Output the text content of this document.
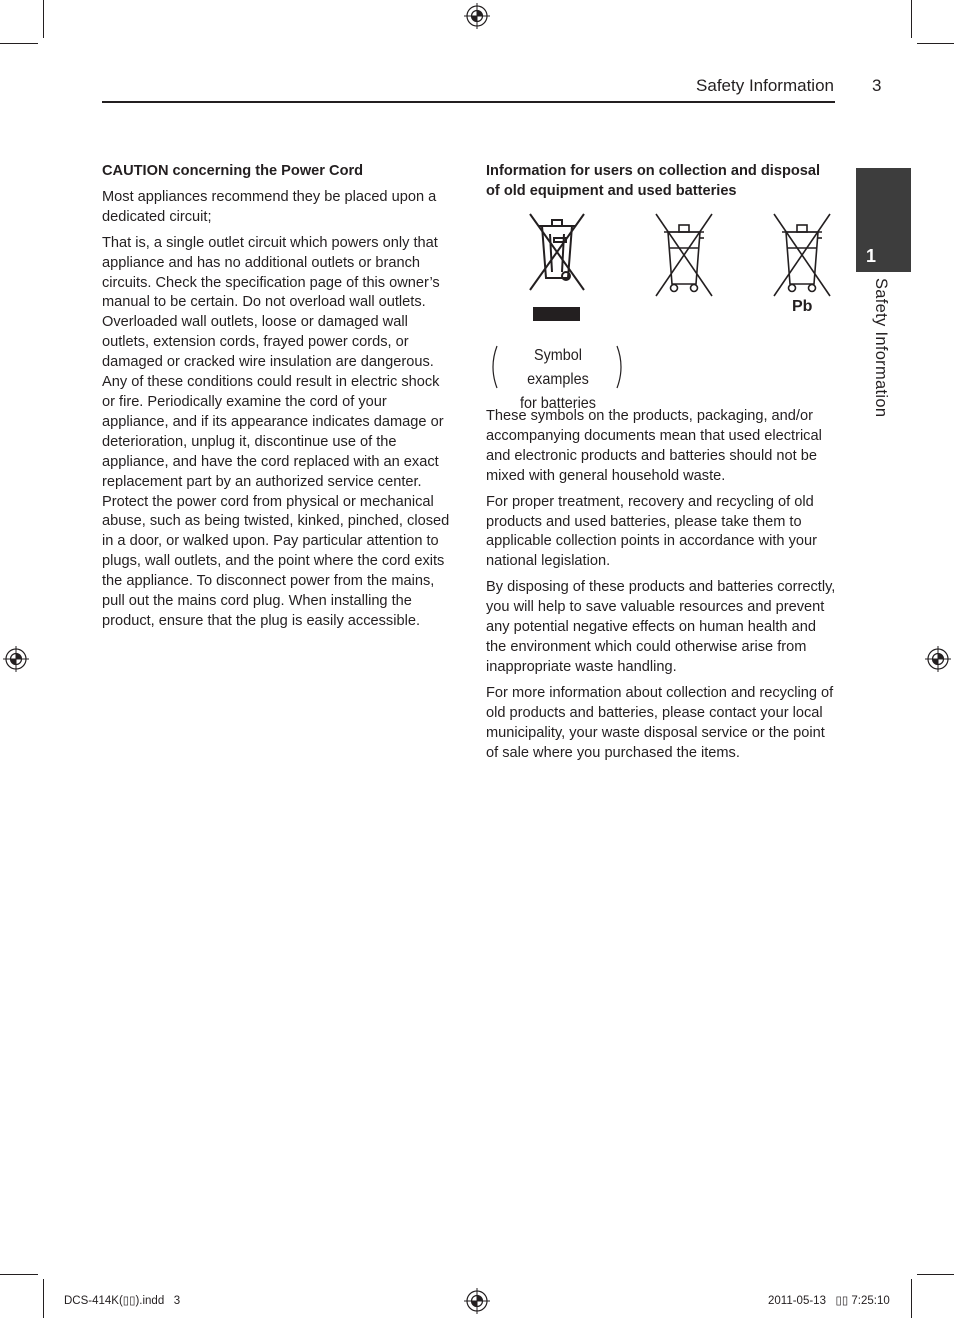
Safety Information 3
1
Safety Information
CAUTION concerning the Power Cord

Most appliances recommend they be placed upon a dedicated circuit;

That is, a single outlet circuit which powers only that appliance and has no additional outlets or branch circuits. Check the specification page of this owner’s manual to be certain. Do not overload wall outlets. Overloaded wall outlets, loose or damaged wall outlets, extension cords, frayed power cords, or damaged or cracked wire insulation are dangerous. Any of these conditions could result in electric shock or fire. Periodically examine the cord of your appliance, and if its appearance indicates damage or deterioration, unplug it, discontinue use of the appliance, and have the cord replaced with an exact replacement part by an authorized service center. Protect the power cord from physical or mechanical abuse, such as being twisted, kinked, pinched, closed in a door, or walked upon. Pay particular attention to plugs, wall outlets, and the point where the cord exits the appliance. To disconnect power from the mains, pull out the mains cord plug. When installing the product, ensure that the plug is easily accessible.

Information for users on collection and disposal of old equipment and used batteries
Pb
Symbol examples
for batteries

These symbols on the products, packaging, and/or accompanying documents mean that used electrical and electronic products and batteries should not be mixed with general household waste.

For proper treatment, recovery and recycling of old products and used batteries, please take them to applicable collection points in accordance with your national legislation.

By disposing of these products and batteries correctly, you will help to save valuable resources and prevent any potential negative effects on human health and the environment which could otherwise arise from inappropriate waste handling.

For more information about collection and recycling of old products and batteries, please contact your local municipality, your waste disposal service or the point of sale where you purchased the items.

DCS-414K(▯▯).indd   3	2011-05-13   ▯▯ 7:25:10
